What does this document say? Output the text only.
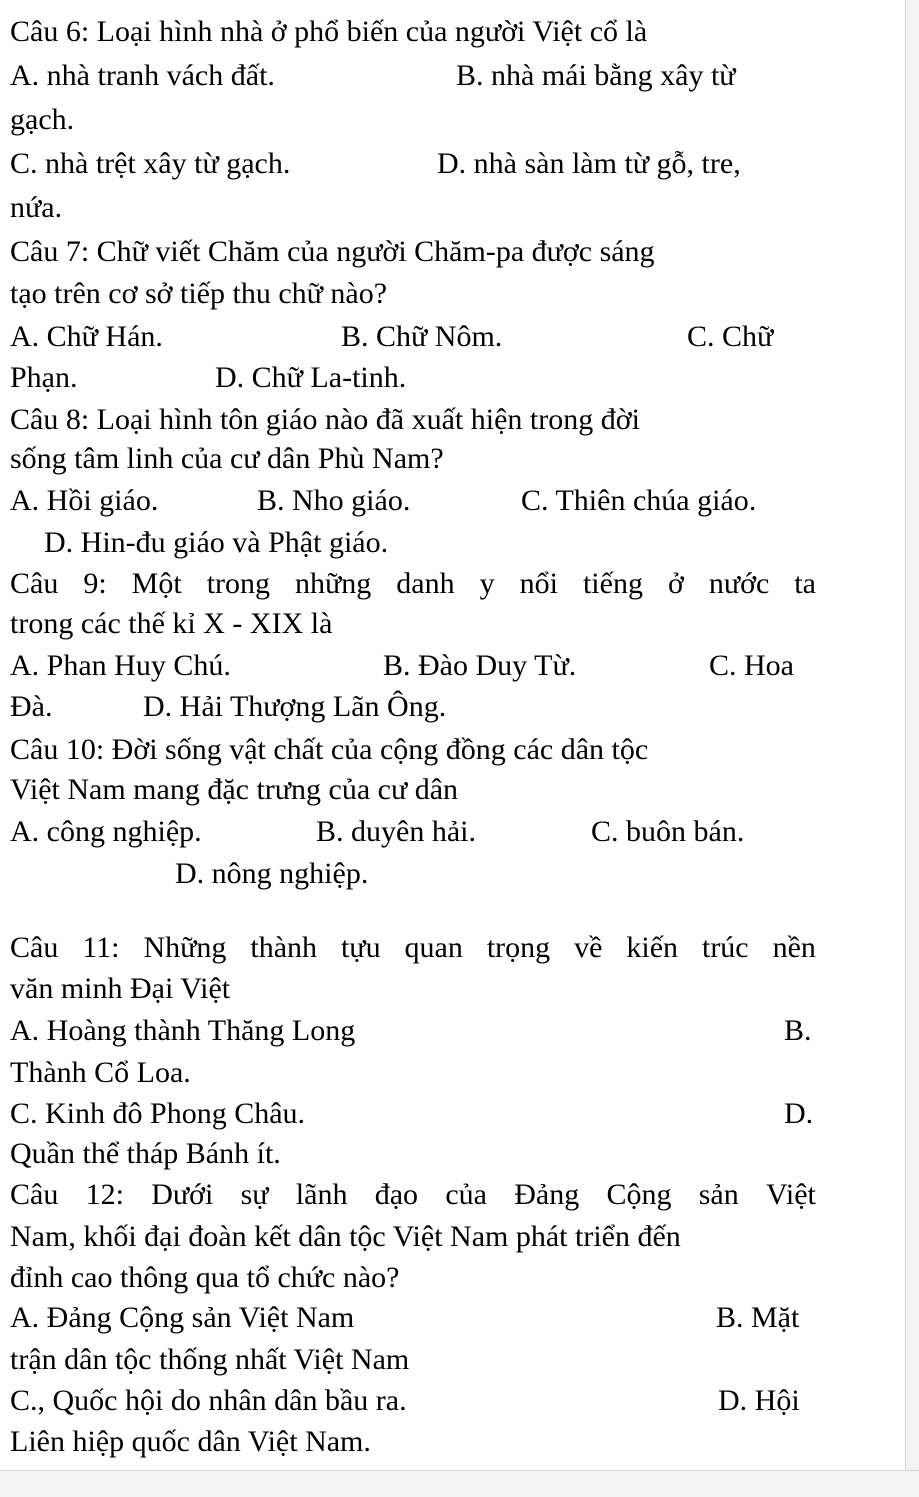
Câu 6: Loại hình nhà ở phổ biến của người Việt cổ là
A. nhà tranh vách đất.	B. nhà mái bằng xây từ
gạch.
C. nhà trệt xây từ gạch.	D. nhà sàn làm từ gỗ, tre,
nứa.
Câu 7: Chữ viết Chăm của người Chăm-pa được sáng
tạo trên cơ sở tiếp thu chữ nào?
A. Chữ Hán.	B. Chữ Nôm.	C. Chữ
Phạn.	D. Chữ La-tinh.
Câu 8: Loại hình tôn giáo nào đã xuất hiện trong đời
sống tâm linh của cư dân Phù Nam?
A. Hồi giáo.	B. Nho giáo.	C. Thiên chúa giáo.
D. Hin-đu giáo và Phật giáo.
Câu 9: Một trong những danh y nổi tiếng ở nước ta
trong các thế kỉ X - XIX là
A. Phan Huy Chú.	B. Đào Duy Từ.	C. Hoa
Đà.	D. Hải Thượng Lãn Ông.
Câu 10: Đời sống vật chất của cộng đồng các dân tộc
Việt Nam mang đặc trưng của cư dân
A. công nghiệp.	B. duyên hải.	C. buôn bán.
D. nông nghiệp.
Câu 11: Những thành tựu quan trọng về kiến trúc nền
văn minh Đại Việt
A. Hoàng thành Thăng Long	B.
Thành Cổ Loa.
C. Kinh đô Phong Châu.	D.
Quần thể tháp Bánh ít.
Câu 12: Dưới sự lãnh đạo của Đảng Cộng sản Việt
Nam, khối đại đoàn kết dân tộc Việt Nam phát triển đến
đỉnh cao thông qua tổ chức nào?
A. Đảng Cộng sản Việt Nam	B. Mặt
trận dân tộc thống nhất Việt Nam
C., Quốc hội do nhân dân bầu ra.	D. Hội
Liên hiệp quốc dân Việt Nam.
